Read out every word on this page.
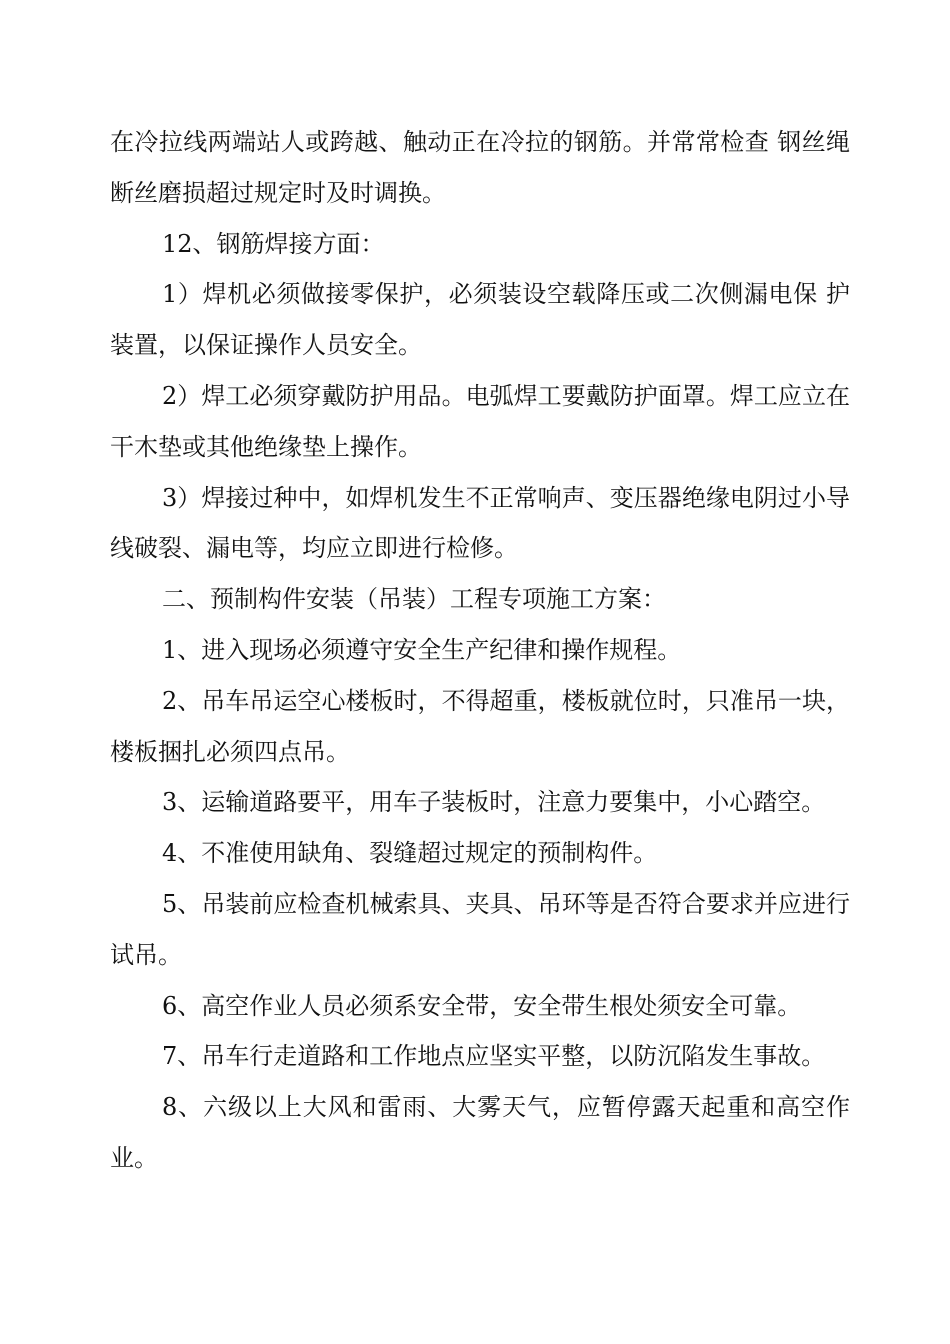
在冷拉线两端站人或跨越、触动正在冷拉的钢筋。并常常检查 钢丝绳断丝磨损超过规定时及时调换。

12、钢筋焊接方面：

1）焊机必须做接零保护，必须装设空载降压或二次侧漏电保 护装置，以保证操作人员安全。

2）焊工必须穿戴防护用品。电弧焊工要戴防护面罩。焊工应立在干木垫或其他绝缘垫上操作。

3）焊接过种中，如焊机发生不正常响声、变压器绝缘电阴过小导线破裂、漏电等，均应立即进行检修。

二、预制构件安装（吊装）工程专项施工方案：

1、进入现场必须遵守安全生产纪律和操作规程。

2、吊车吊运空心楼板时，不得超重，楼板就位时，只准吊一块，楼板捆扎必须四点吊。

3、运输道路要平，用车子装板时，注意力要集中，小心踏空。

4、不准使用缺角、裂缝超过规定的预制构件。

5、吊装前应检查机械索具、夹具、吊环等是否符合要求并应进行试吊。

6、高空作业人员必须系安全带，安全带生根处须安全可靠。

7、吊车行走道路和工作地点应坚实平整，以防沉陷发生事故。

8、六级以上大风和雷雨、大雾天气，应暂停露天起重和高空作业。
